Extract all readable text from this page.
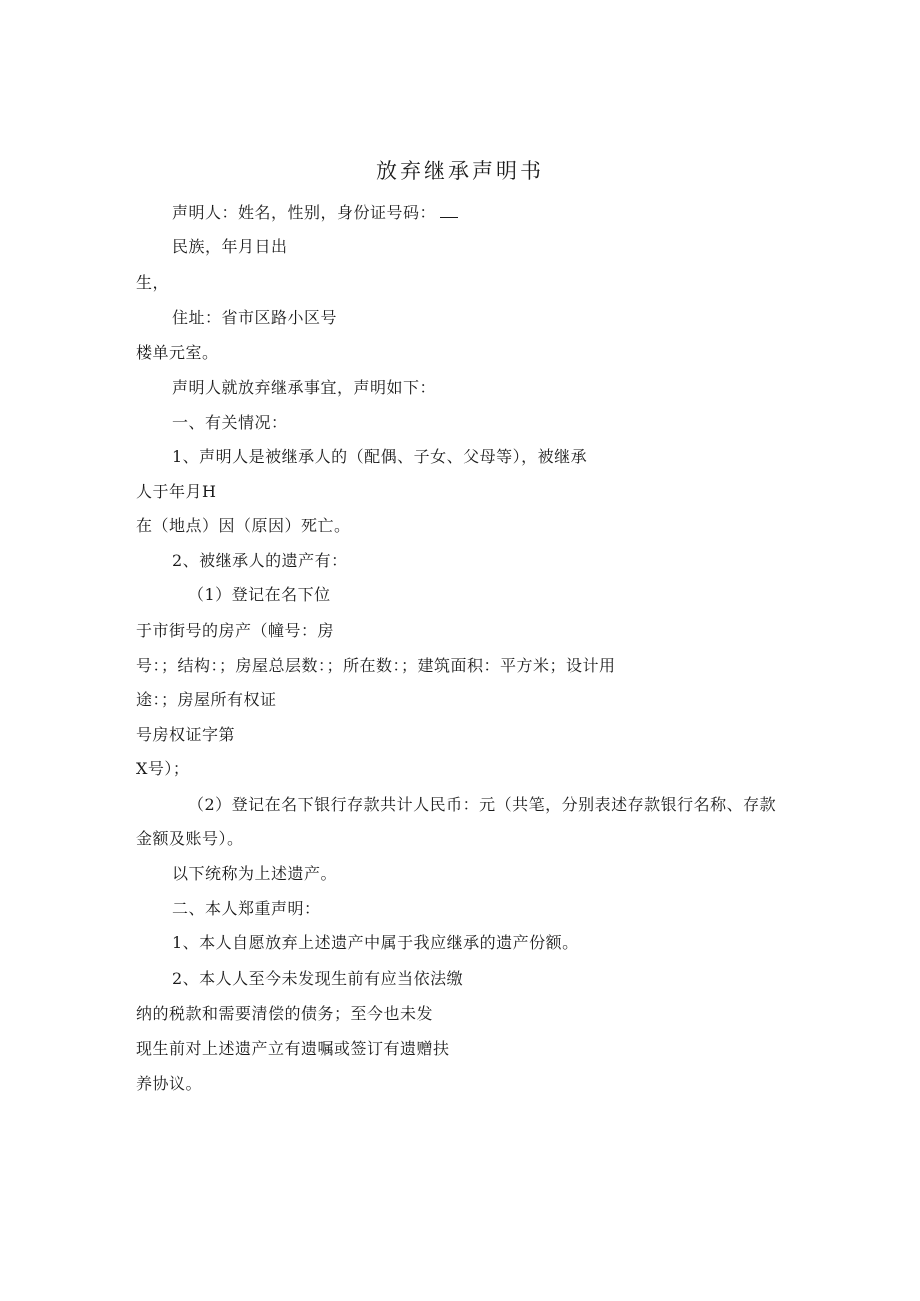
放弃继承声明书
声明人：姓名，性别，身份证号码：
民族，年月日出
生，
住址：省市区路小区号
楼单元室。
声明人就放弃继承事宜，声明如下：
一、有关情况：
1、声明人是被继承人的（配偶、子女、父母等），被继承
人于年月H
在（地点）因（原因）死亡。
2、被继承人的遗产有：
（1）登记在名下位
于市街号的房产（幢号：房
号：；结构：；房屋总层数：；所在数：；建筑面积：平方米；设计用
途：；房屋所有权证
号房权证字第
X号）；
（2）登记在名下银行存款共计人民币：元（共笔，分别表述存款银行名称、存款
金额及账号）。
以下统称为上述遗产。
二、本人郑重声明：
1、本人自愿放弃上述遗产中属于我应继承的遗产份额。
2、本人人至今未发现生前有应当依法缴
纳的税款和需要清偿的债务；至今也未发
现生前对上述遗产立有遗嘱或签订有遗赠扶
养协议。
